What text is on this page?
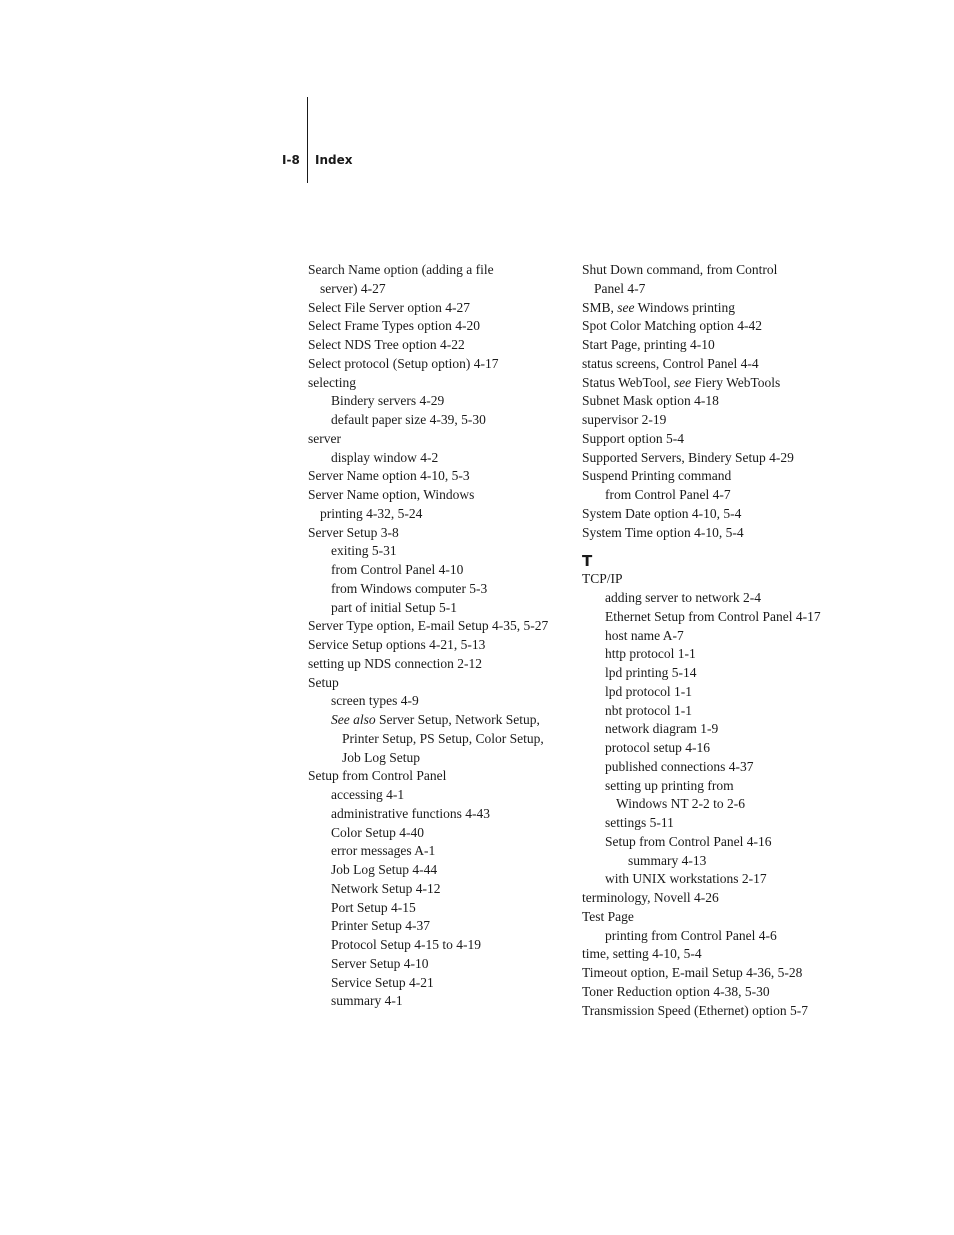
I-8 Index
Search Name option (adding a file
server) 4-27
Select File Server option 4-27
Select Frame Types option 4-20
Select NDS Tree option 4-22
Select protocol (Setup option) 4-17
selecting
Bindery servers 4-29
default paper size 4-39, 5-30
server
display window 4-2
Server Name option 4-10, 5-3
Server Name option, Windows
printing 4-32, 5-24
Server Setup 3-8
exiting 5-31
from Control Panel 4-10
from Windows computer 5-3
part of initial Setup 5-1
Server Type option, E-mail Setup 4-35, 5-27
Service Setup options 4-21, 5-13
setting up NDS connection 2-12
Setup
screen types 4-9
See also Server Setup, Network Setup,
Printer Setup, PS Setup, Color Setup,
Job Log Setup
Setup from Control Panel
accessing 4-1
administrative functions 4-43
Color Setup 4-40
error messages A-1
Job Log Setup 4-44
Network Setup 4-12
Port Setup 4-15
Printer Setup 4-37
Protocol Setup 4-15 to 4-19
Server Setup 4-10
Service Setup 4-21
summary 4-1
Shut Down command, from Control
Panel 4-7
SMB, see Windows printing
Spot Color Matching option 4-42
Start Page, printing 4-10
status screens, Control Panel 4-4
Status WebTool, see Fiery WebTools
Subnet Mask option 4-18
supervisor 2-19
Support option 5-4
Supported Servers, Bindery Setup 4-29
Suspend Printing command
from Control Panel 4-7
System Date option 4-10, 5-4
System Time option 4-10, 5-4
T
TCP/IP
adding server to network 2-4
Ethernet Setup from Control Panel 4-17
host name A-7
http protocol 1-1
lpd printing 5-14
lpd protocol 1-1
nbt protocol 1-1
network diagram 1-9
protocol setup 4-16
published connections 4-37
setting up printing from
Windows NT 2-2 to 2-6
settings 5-11
Setup from Control Panel 4-16
summary 4-13
with UNIX workstations 2-17
terminology, Novell 4-26
Test Page
printing from Control Panel 4-6
time, setting 4-10, 5-4
Timeout option, E-mail Setup 4-36, 5-28
Toner Reduction option 4-38, 5-30
Transmission Speed (Ethernet) option 5-7
